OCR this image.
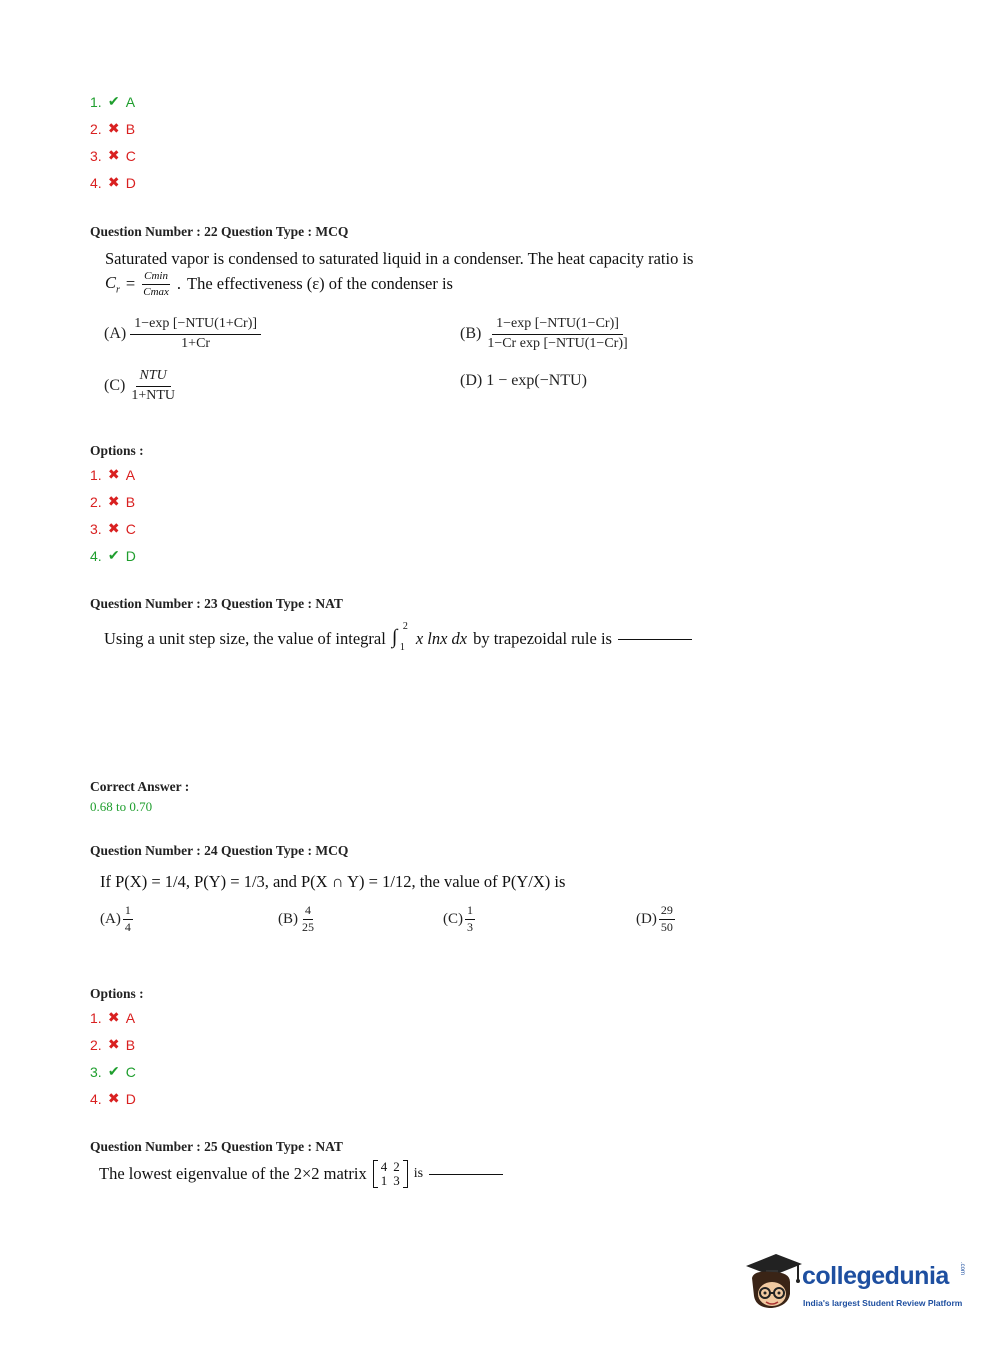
1. ✔ A
2. ✖ B
3. ✖ C
4. ✖ D
Question Number : 22 Question Type : MCQ
Saturated vapor is condensed to saturated liquid in a condenser. The heat capacity ratio is
$C_r = \frac{Cmin}{Cmax}$ . The effectiveness (ε) of the condenser is
$(A) \frac{\text{1−exp [−NTU(1+Cr)]}}{1+Cr}$	$(B) \frac{\text{1−exp [−NTU(1−Cr)]}}{\text{1−Cr exp [−NTU(1−Cr)]}}$
$(C) \frac{\text{NTU}}{\text{1+NTU}}$	(D) 1 − exp(−NTU)
Options :
1. ✖ A
2. ✖ B
3. ✖ C
4. ✔ D
Question Number : 23 Question Type : NAT
Using a unit step size, the value of integral ∫ 2
1 x lnx dx by trapezoidal rule is
Correct Answer :
0.68 to 0.70
Question Number : 24 Question Type : MCQ
If P(X) = 1/4, P(Y) = 1/3, and P(X ∩ Y) = 1/12, the value of P(Y/X) is
$(A) \frac{1}{4}$	$(B) \frac{4}{25}$	$(C) \frac{1}{3}$	$(D) \frac{29}{50}$
Options :
1. ✖ A
2. ✖ B
3. ✔ C
4. ✖ D
Question Number : 25 Question Type : NAT
The lowest eigenvalue of the 2×2 matrix 4	2
1	3 is
collegedunia .com
India's largest Student Review Platform
